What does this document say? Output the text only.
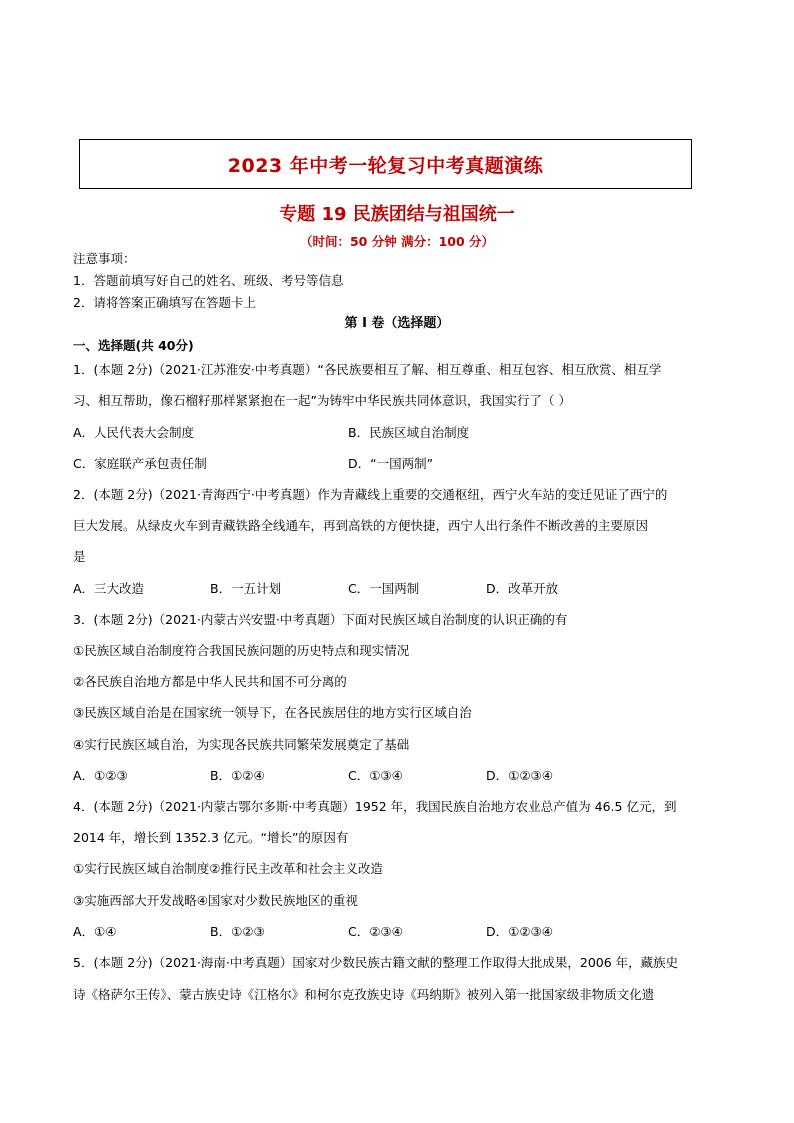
2023 年中考一轮复习中考真题演练
专题 19 民族团结与祖国统一
（时间：50 分钟 满分：100 分）
注意事项：
1．答题前填写好自己的姓名、班级、考号等信息
2．请将答案正确填写在答题卡上
第 I 卷（选择题）
一、选择题(共 40分)
1．(本题 2分)（2021·江苏淮安·中考真题）“各民族要相互了解、相互尊重、相互包容、相互欣赏、相互学
习、相互帮助，像石榴籽那样紧紧抱在一起”为铸牢中华民族共同体意识，我国实行了（ ）
A．人民代表大会制度	B．民族区域自治制度
C．家庭联产承包责任制	D．“一国两制”
2．(本题 2分)（2021·青海西宁·中考真题）作为青藏线上重要的交通枢纽，西宁火车站的变迁见证了西宁的
巨大发展。从绿皮火车到青藏铁路全线通车，再到高铁的方便快捷，西宁人出行条件不断改善的主要原因
是
A．三大改造	B．一五计划	C．一国两制	D．改革开放
3．(本题 2分)（2021·内蒙古兴安盟·中考真题）下面对民族区域自治制度的认识正确的有
①民族区域自治制度符合我国民族问题的历史特点和现实情况
②各民族自治地方都是中华人民共和国不可分离的
③民族区域自治是在国家统一领导下，在各民族居住的地方实行区域自治
④实行民族区域自治，为实现各民族共同繁荣发展奠定了基础
A．①②③	B．①②④	C．①③④	D．①②③④
4．(本题 2分)（2021·内蒙古鄂尔多斯·中考真题）1952 年，我国民族自治地方农业总产值为 46.5 亿元，到
2014 年，增长到 1352.3 亿元。“增长”的原因有
①实行民族区域自治制度②推行民主改革和社会主义改造
③实施西部大开发战略④国家对少数民族地区的重视
A．①④	B．①②③	C．②③④	D．①②③④
5．(本题 2分)（2021·海南·中考真题）国家对少数民族古籍文献的整理工作取得大批成果，2006 年，藏族史
诗《格萨尔王传》、蒙古族史诗《江格尔》和柯尔克孜族史诗《玛纳斯》被列入第一批国家级非物质文化遗
